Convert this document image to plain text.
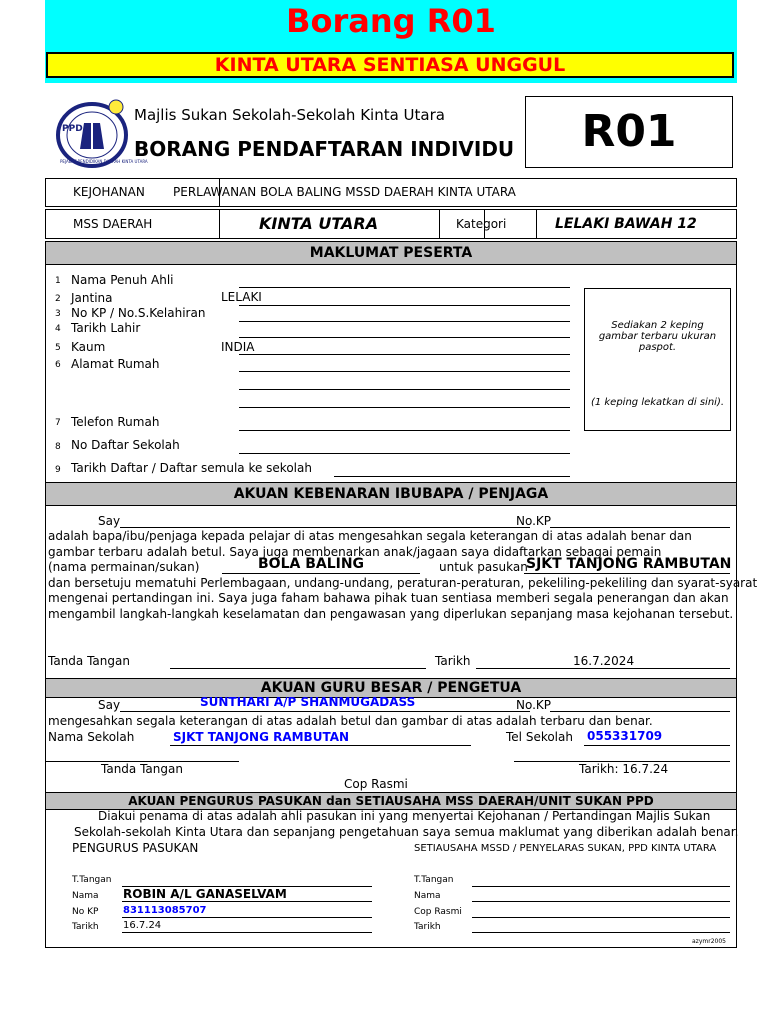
Borang R01
KINTA UTARA SENTIASA UNGGUL
PPD
PEJABAT PENDIDIKAN DAERAH KINTA UTARA
Majlis Sukan Sekolah-Sekolah Kinta Utara
BORANG PENDAFTARAN INDIVIDU	R01
KEJOHANAN PERLAWANAN BOLA BALING MSSD DAERAH KINTA UTARA
MSS DAERAH	KINTA UTARA	Kategori	LELAKI BAWAH 12
MAKLUMAT PESERTA
1 Nama Penuh Ahli
2 Jantina	LELAKI
3 No KP / No.S.Kelahiran
4 Tarikh Lahir
5 Kaum	INDIA
6 Alamat Rumah
7 Telefon Rumah
8 No Daftar Sekolah
9 Tarikh Daftar / Daftar semula ke sekolah
Sediakan 2 keping gambar terbaru ukuran paspot.
(1 keping lekatkan di sini).
AKUAN KEBENARAN IBUBAPA / PENJAGA
Say	No.KP
adalah bapa/ibu/penjaga kepada pelajar di atas mengesahkan segala keterangan di atas adalah benar dan
gambar terbaru adalah betul. Saya juga membenarkan anak/jagaan saya didaftarkan sebagai pemain
(nama permainan/sukan)	BOLA BALING	untuk pasukan
SJKT TANJONG RAMBUTAN
dan bersetuju mematuhi Perlembagaan, undang-undang, peraturan-peraturan, pekeliling-pekeliling dan syarat-syarat
mengenai pertandingan ini. Saya juga faham bahawa pihak tuan sentiasa memberi segala penerangan dan akan
mengambil langkah-langkah keselamatan dan pengawasan yang diperlukan sepanjang masa kejohanan tersebut.
Tanda Tangan	Tarikh	16.7.2024
AKUAN GURU BESAR / PENGETUA
Say	SUNTHARI A/P SHANMUGADASS	No.KP
mengesahkan segala keterangan di atas adalah betul dan gambar di atas adalah terbaru dan benar.
Nama Sekolah	SJKT TANJONG RAMBUTAN	Tel Sekolah 055331709
Tanda Tangan	Tarikh: 16.7.24
Cop Rasmi
AKUAN PENGURUS PASUKAN dan SETIAUSAHA MSS DAERAH/UNIT SUKAN PPD
Diakui penama di atas adalah ahli pasukan ini yang menyertai Kejohanan / Pertandingan Majlis Sukan
Sekolah-sekolah Kinta Utara dan sepanjang pengetahuan saya semua maklumat yang diberikan adalah benar.
PENGURUS PASUKAN	SETIAUSAHA MSSD / PENYELARAS SUKAN, PPD KINTA UTARA
T.Tangan
Nama ROBIN A/L GANASELVAM
No KP 831113085707
Tarikh 16.7.24
T.Tangan
Nama
Cop Rasmi
Tarikh
azymr2005
